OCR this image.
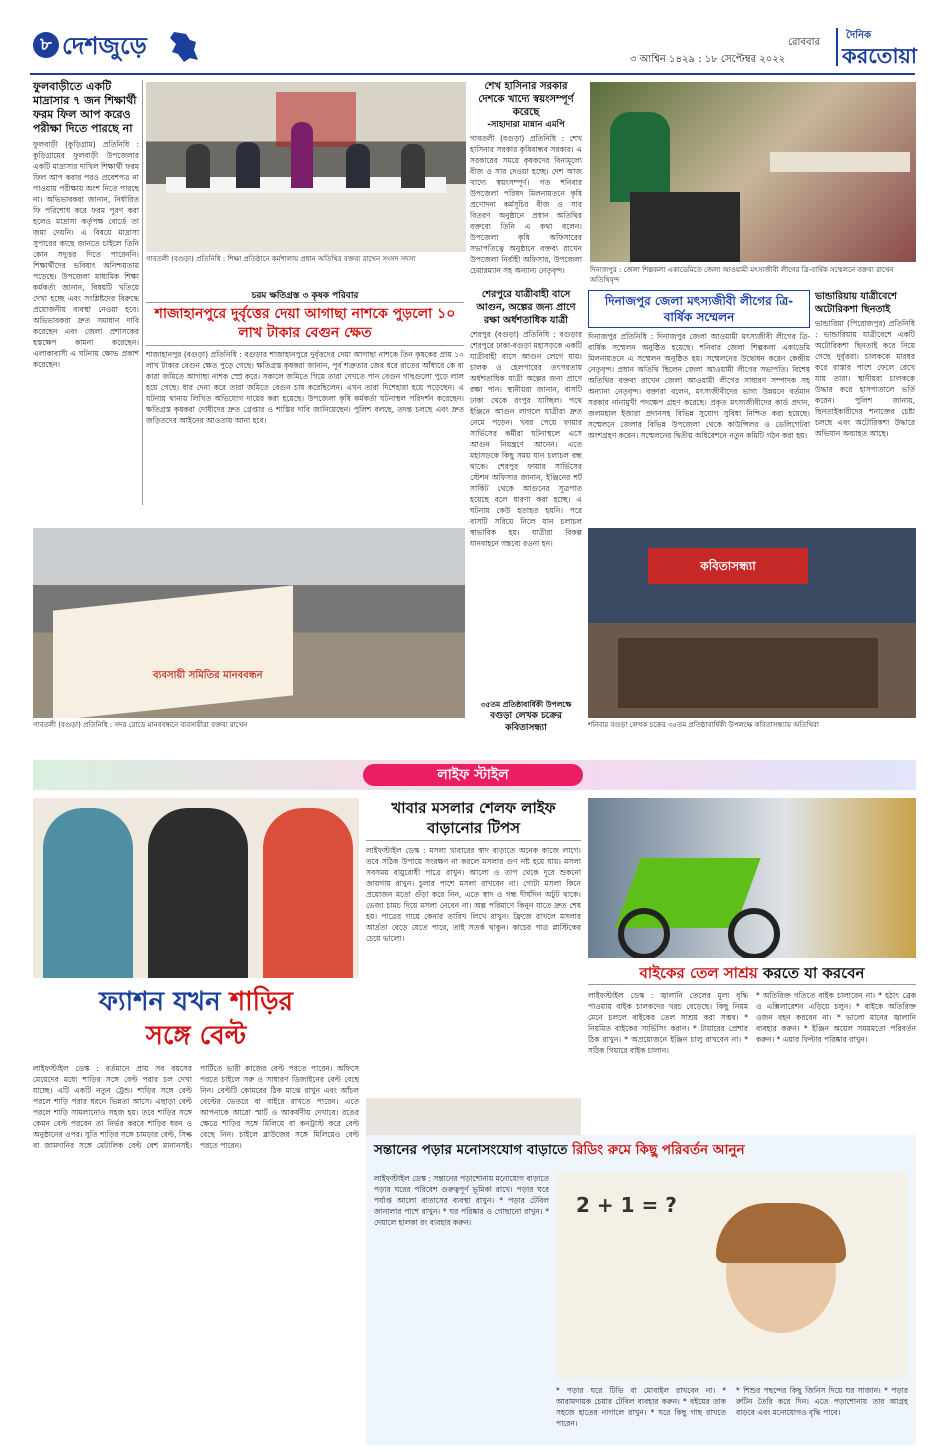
৮ দেশজুড়ে	রোববার
৩ আশ্বিন ১৪২৯ : ১৮ সেপ্টেম্বর ২০২২
দৈনিক
করতোয়া
ফুলবাড়ীতে একটি মাদ্রাসার ৭ জন শিক্ষার্থী ফরম ফিল আপ করেও পরীক্ষা দিতে পারছে না
ফুলবাড়ী (কুড়িগ্রাম) প্রতিনিধি : কুড়িগ্রামের ফুলবাড়ী উপজেলার একটি মাদ্রাসার দাখিল শিক্ষার্থী ফরম ফিল আপ করার পরও প্রবেশপত্র না পাওয়ায় পরীক্ষায় অংশ নিতে পারছে না। অভিভাবকরা জানান, নির্ধারিত ফি পরিশোধ করে ফরম পূরণ করা হলেও মাদ্রাসা কর্তৃপক্ষ বোর্ডে তা জমা দেয়নি। এ বিষয়ে মাদ্রাসা সুপারের কাছে জানতে চাইলে তিনি কোন সদুত্তর দিতে পারেননি। শিক্ষার্থীদের ভবিষ্যৎ অনিশ্চয়তায় পড়েছে। উপজেলা মাধ্যমিক শিক্ষা কর্মকর্তা জানান, বিষয়টি খতিয়ে দেখা হচ্ছে এবং সংশ্লিষ্টদের বিরুদ্ধে প্রয়োজনীয় ব্যবস্থা নেওয়া হবে। অভিভাবকরা দ্রুত সমাধান দাবি করেছেন এবং জেলা প্রশাসকের হস্তক্ষেপ কামনা করেছেন। এলাকাবাসী এ ঘটনায় ক্ষোভ প্রকাশ করেছেন।
গাবতলী (বগুড়া) প্রতিনিধি : শিক্ষা প্রতিষ্ঠানে কর্মশালায় প্রধান অতিথির বক্তব্য রাখেন সংসদ সদস্য
শেখ হাসিনার সরকার দেশকে খাদ্যে স্বয়ংসম্পূর্ণ করেছে
-সাহাদারা মান্নান এমপি
গাবতলী (বগুড়া) প্রতিনিধি : শেখ হাসিনার সরকার কৃষিবান্ধব সরকার। এ সরকারের সময়ে কৃষকদের বিনামূল্যে বীজ ও সার দেওয়া হচ্ছে। দেশ আজ খাদ্যে স্বয়ংসম্পূর্ণ। গত শনিবার উপজেলা পরিষদ মিলনায়তনে কৃষি প্রণোদনা কর্মসূচির বীজ ও সার বিতরণ অনুষ্ঠানে প্রধান অতিথির বক্তব্যে তিনি এ কথা বলেন। উপজেলা কৃষি অফিসারের সভাপতিত্বে অনুষ্ঠানে বক্তব্য রাখেন উপজেলা নির্বাহী অফিসার, উপজেলা চেয়ারম্যান সহ অন্যান্য নেতৃবৃন্দ।	দিনাজপুর : জেলা শিল্পকলা একাডেমিতে জেলা আওয়ামী মৎস্যজীবী লীগের ত্রি-বার্ষিক সম্মেলনে বক্তব্য রাখেন অতিথিবৃন্দ
চরম ক্ষতিগ্রস্ত ৩ কৃষক পরিবার
শাজাহানপুরে দুর্বৃত্তের দেয়া আগাছা নাশকে পুড়লো ১০ লাখ টাকার বেগুন ক্ষেত
শাজাহানপুর (বগুড়া) প্রতিনিধি : বগুড়ার শাজাহানপুরে দুর্বৃত্তদের দেয়া আগাছা নাশকে তিন কৃষকের প্রায় ১০ লাখ টাকার বেগুন ক্ষেত পুড়ে গেছে। ক্ষতিগ্রস্ত কৃষকরা জানান, পূর্ব শত্রুতার জের ধরে রাতের আঁধারে কে বা কারা জমিতে আগাছা নাশক স্প্রে করে। সকালে জমিতে গিয়ে তারা দেখতে পান বেগুন গাছগুলো পুড়ে লাল হয়ে গেছে। ধার দেনা করে তারা জমিতে বেগুন চাষ করেছিলেন। এখন তারা দিশেহারা হয়ে পড়েছেন। এ ঘটনায় থানায় লিখিত অভিযোগ দায়ের করা হয়েছে। উপজেলা কৃষি কর্মকর্তা ঘটনাস্থল পরিদর্শন করেছেন। ক্ষতিগ্রস্ত কৃষকরা দোষীদের দ্রুত গ্রেপ্তার ও শাস্তির দাবি জানিয়েছেন। পুলিশ বলছে, তদন্ত চলছে এবং দ্রুত জড়িতদের আইনের আওতায় আনা হবে।
শেরপুরে যাত্রীবাহী বাসে আগুন, অল্পের জন্য প্রাণে রক্ষা অর্ধশতাধিক যাত্রী
শেরপুর (বগুড়া) প্রতিনিধি : বগুড়ার শেরপুরে ঢাকা-বগুড়া মহাসড়কে একটি যাত্রীবাহী বাসে আগুন লেগে যায়। চালক ও হেলপারের তৎপরতায় অর্ধশতাধিক যাত্রী অল্পের জন্য প্রাণে রক্ষা পান। স্থানীয়রা জানান, বাসটি ঢাকা থেকে রংপুর যাচ্ছিল। পথে ইঞ্জিনে আগুন লাগলে যাত্রীরা দ্রুত নেমে পড়েন। খবর পেয়ে ফায়ার সার্ভিসের কর্মীরা ঘটনাস্থলে এসে আগুন নিয়ন্ত্রণে আনেন। এতে মহাসড়কে কিছু সময় যান চলাচল বন্ধ থাকে। শেরপুর ফায়ার সার্ভিসের স্টেশন অফিসার জানান, ইঞ্জিনের শর্ট সার্কিট থেকে আগুনের সূত্রপাত হয়েছে বলে ধারণা করা হচ্ছে। এ ঘটনায় কেউ হতাহত হয়নি। পরে বাসটি সরিয়ে নিলে যান চলাচল স্বাভাবিক হয়। যাত্রীরা বিকল্প যানবাহনে গন্তব্যে রওনা হন।
দিনাজপুর জেলা মৎস্যজীবী লীগের ত্রি-বার্ষিক সম্মেলন
দিনাজপুর প্রতিনিধি : দিনাজপুর জেলা আওয়ামী মৎস্যজীবী লীগের ত্রি-বার্ষিক সম্মেলন অনুষ্ঠিত হয়েছে। শনিবার জেলা শিল্পকলা একাডেমি মিলনায়তনে এ সম্মেলন অনুষ্ঠিত হয়। সম্মেলনের উদ্বোধন করেন কেন্দ্রীয় নেতৃবৃন্দ। প্রধান অতিথি ছিলেন জেলা আওয়ামী লীগের সভাপতি। বিশেষ অতিথির বক্তব্য রাখেন জেলা আওয়ামী লীগের সাধারণ সম্পাদক সহ অন্যান্য নেতৃবৃন্দ। বক্তারা বলেন, মৎস্যজীবীদের ভাগ্য উন্নয়নে বর্তমান সরকার নানামুখী পদক্ষেপ গ্রহণ করেছে। প্রকৃত মৎস্যজীবীদের কার্ড প্রদান, জলমহাল ইজারা প্রদানসহ বিভিন্ন সুযোগ সুবিধা নিশ্চিত করা হয়েছে। সম্মেলনে জেলার বিভিন্ন উপজেলা থেকে কাউন্সিলর ও ডেলিগেটরা অংশগ্রহণ করেন। সম্মেলনের দ্বিতীয় অধিবেশনে নতুন কমিটি গঠন করা হয়।
ভান্ডারিয়ায় যাত্রীবেশে অটোরিকশা ছিনতাই
ভান্ডারিয়া (পিরোজপুর) প্রতিনিধি : ভান্ডারিয়ায় যাত্রীবেশে একটি অটোরিকশা ছিনতাই করে নিয়ে গেছে দুর্বৃত্তরা। চালককে মারধর করে রাস্তার পাশে ফেলে রেখে যায় তারা। স্থানীয়রা চালককে উদ্ধার করে হাসপাতালে ভর্তি করেন। পুলিশ জানায়, ছিনতাইকারীদের শনাক্তের চেষ্টা চলছে এবং অটোরিকশা উদ্ধারে অভিযান অব্যাহত আছে।
ব্যবসায়ী সমিতির মানববন্ধন
গাবতলী (বগুড়া) প্রতিনিধি : সদর রোডে মানববন্ধনে ব্যবসায়ীরা বক্তব্য রাখেন
৩৫তম প্রতিষ্ঠাবার্ষিকী উপলক্ষে
বগুড়া লেখক চক্রের কবিতাসন্ধ্যা
কবিতাসন্ধ্যা
শনিবার বগুড়া লেখক চক্রের ৩৫তম প্রতিষ্ঠাবার্ষিকী উপলক্ষে কবিতাসন্ধ্যায় অতিথিরা
লাইফ স্টাইল
ফ্যাশন যখন শাড়ির
সঙ্গে বেল্ট
লাইফস্টাইল ডেস্ক : বর্তমানে প্রায় সব বয়সের মেয়েদের মধ্যে শাড়ির সঙ্গে বেল্ট পরার চল দেখা যাচ্ছে। এটি একটি নতুন ট্রেন্ড। শাড়ির সঙ্গে বেল্ট পরলে শাড়ি পরার ধরনে ভিন্নতা আসে। এছাড়া বেল্ট পরলে শাড়ি সামলানোও সহজ হয়। তবে শাড়ির সঙ্গে কেমন বেল্ট পরবেন তা নির্ভর করবে শাড়ির ধরন ও অনুষ্ঠানের ওপর। সুতি শাড়ির সঙ্গে চামড়ার বেল্ট, সিল্ক বা জামদানির সঙ্গে মেটালিক বেল্ট বেশ মানানসই। পার্টিতে ভারী কাজের বেল্ট পরতে পারেন। অফিসে পরতে চাইলে সরু ও সাধারণ ডিজাইনের বেল্ট বেছে নিন। বেল্টটি কোমরের ঠিক মাঝে রাখুন এবং আঁচল বেল্টের ভেতরে বা বাইরে রাখতে পারেন। এতে আপনাকে আরো স্মার্ট ও আকর্ষণীয় দেখাবে। রঙের ক্ষেত্রে শাড়ির সঙ্গে মিলিয়ে বা কনট্রাস্ট করে বেল্ট বেছে নিন। চাইলে ব্লাউজের সঙ্গে মিলিয়েও বেল্ট পরতে পারেন।
খাবার মসলার শেলফ লাইফ
বাড়ানোর টিপস
লাইফস্টাইল ডেস্ক : মসলা খাবারের স্বাদ বাড়াতে অনেক কাজে লাগে। তবে সঠিক উপায়ে সংরক্ষণ না করলে মসলার গুণ নষ্ট হয়ে যায়। মসলা সবসময় বায়ুরোধী পাত্রে রাখুন। আলো ও তাপ থেকে দূরে শুকনো জায়গায় রাখুন। চুলার পাশে মসলা রাখবেন না। গোটা মসলা কিনে প্রয়োজন মতো গুঁড়া করে নিন, এতে স্বাদ ও গন্ধ দীর্ঘদিন অটুট থাকে। ভেজা চামচ দিয়ে মসলা নেবেন না। অল্প পরিমাণে কিনুন যাতে দ্রুত শেষ হয়। পাত্রের গায়ে কেনার তারিখ লিখে রাখুন। ফ্রিজে রাখলে মসলার আর্দ্রতা বেড়ে যেতে পারে, তাই সতর্ক থাকুন। কাচের পাত্র প্লাস্টিকের চেয়ে ভালো।
বাইকের তেল সাশ্রয় করতে যা করবেন
লাইফস্টাইল ডেস্ক : জ্বালানি তেলের মূল্য বৃদ্ধি পাওয়ায় বাইক চালকদের খরচ বেড়েছে। কিছু নিয়ম মেনে চললে বাইকের তেল সাশ্রয় করা সম্ভব। * নিয়মিত বাইকের সার্ভিসিং করান। * টায়ারের প্রেশার ঠিক রাখুন। * অপ্রয়োজনে ইঞ্জিন চালু রাখবেন না। * সঠিক গিয়ারে বাইক চালান।
* অতিরিক্ত গতিতে বাইক চালাবেন না। * হঠাৎ ব্রেক ও এক্সিলারেশন এড়িয়ে চলুন। * বাইকে অতিরিক্ত ওজন বহন করবেন না। * ভালো মানের জ্বালানি ব্যবহার করুন। * ইঞ্জিন অয়েল সময়মতো পরিবর্তন করুন। * এয়ার ফিল্টার পরিষ্কার রাখুন।
সন্তানের পড়ার মনোসংযোগ বাড়াতে রিডিং রুমে কিছু পরিবর্তন আনুন
লাইফস্টাইল ডেস্ক : সন্তানের পড়াশোনায় মনোযোগ বাড়াতে পড়ার ঘরের পরিবেশ গুরুত্বপূর্ণ ভূমিকা রাখে। পড়ার ঘরে পর্যাপ্ত আলো বাতাসের ব্যবস্থা রাখুন। * পড়ার টেবিল জানালার পাশে রাখুন। * ঘর পরিষ্কার ও গোছানো রাখুন। * দেয়ালে হালকা রং ব্যবহার করুন।
2 + 1 = ?
* পড়ার ঘরে টিভি বা মোবাইল রাখবেন না। * আরামদায়ক চেয়ার টেবিল ব্যবহার করুন। * বইয়ের তাক সহজে হাতের নাগালে রাখুন। * ঘরে কিছু গাছ রাখতে পারেন।
* শিশুর পছন্দের কিছু জিনিস দিয়ে ঘর সাজান। * পড়ার রুটিন তৈরি করে দিন। এতে পড়াশোনায় তার আগ্রহ বাড়বে এবং মনোযোগও বৃদ্ধি পাবে।
